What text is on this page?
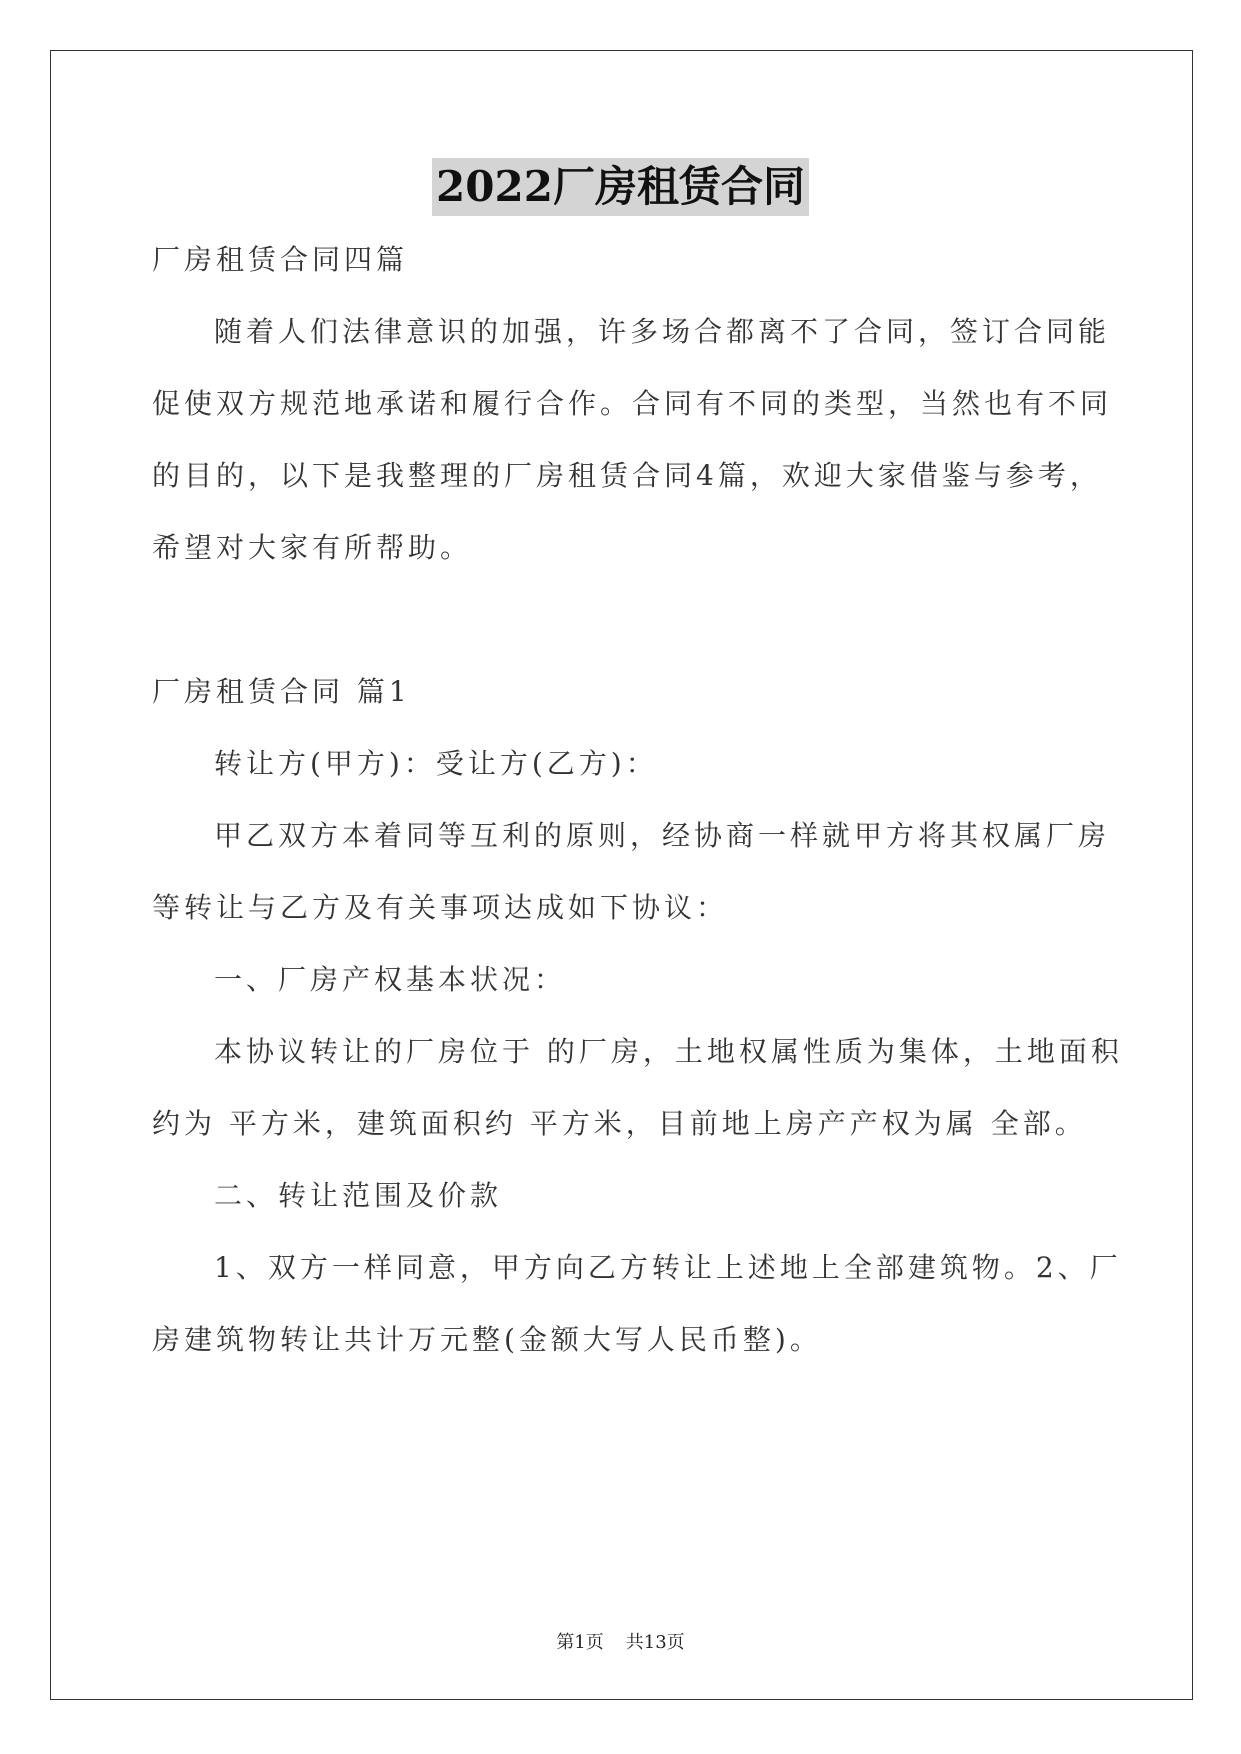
2022厂房租赁合同
厂房租赁合同四篇
随着人们法律意识的加强，许多场合都离不了合同，签订合同能
促使双方规范地承诺和履行合作。合同有不同的类型，当然也有不同
的目的，以下是我整理的厂房租赁合同4篇，欢迎大家借鉴与参考，
希望对大家有所帮助。
厂房租赁合同 篇1
转让方(甲方)：受让方(乙方)：
甲乙双方本着同等互利的原则，经协商一样就甲方将其权属厂房
等转让与乙方及有关事项达成如下协议：
一、厂房产权基本状况：
本协议转让的厂房位于 的厂房，土地权属性质为集体，土地面积
约为 平方米，建筑面积约 平方米，目前地上房产产权为属 全部。
二、转让范围及价款
1、双方一样同意，甲方向乙方转让上述地上全部建筑物。2、厂
房建筑物转让共计万元整(金额大写人民币整)。
第1页 共13页
